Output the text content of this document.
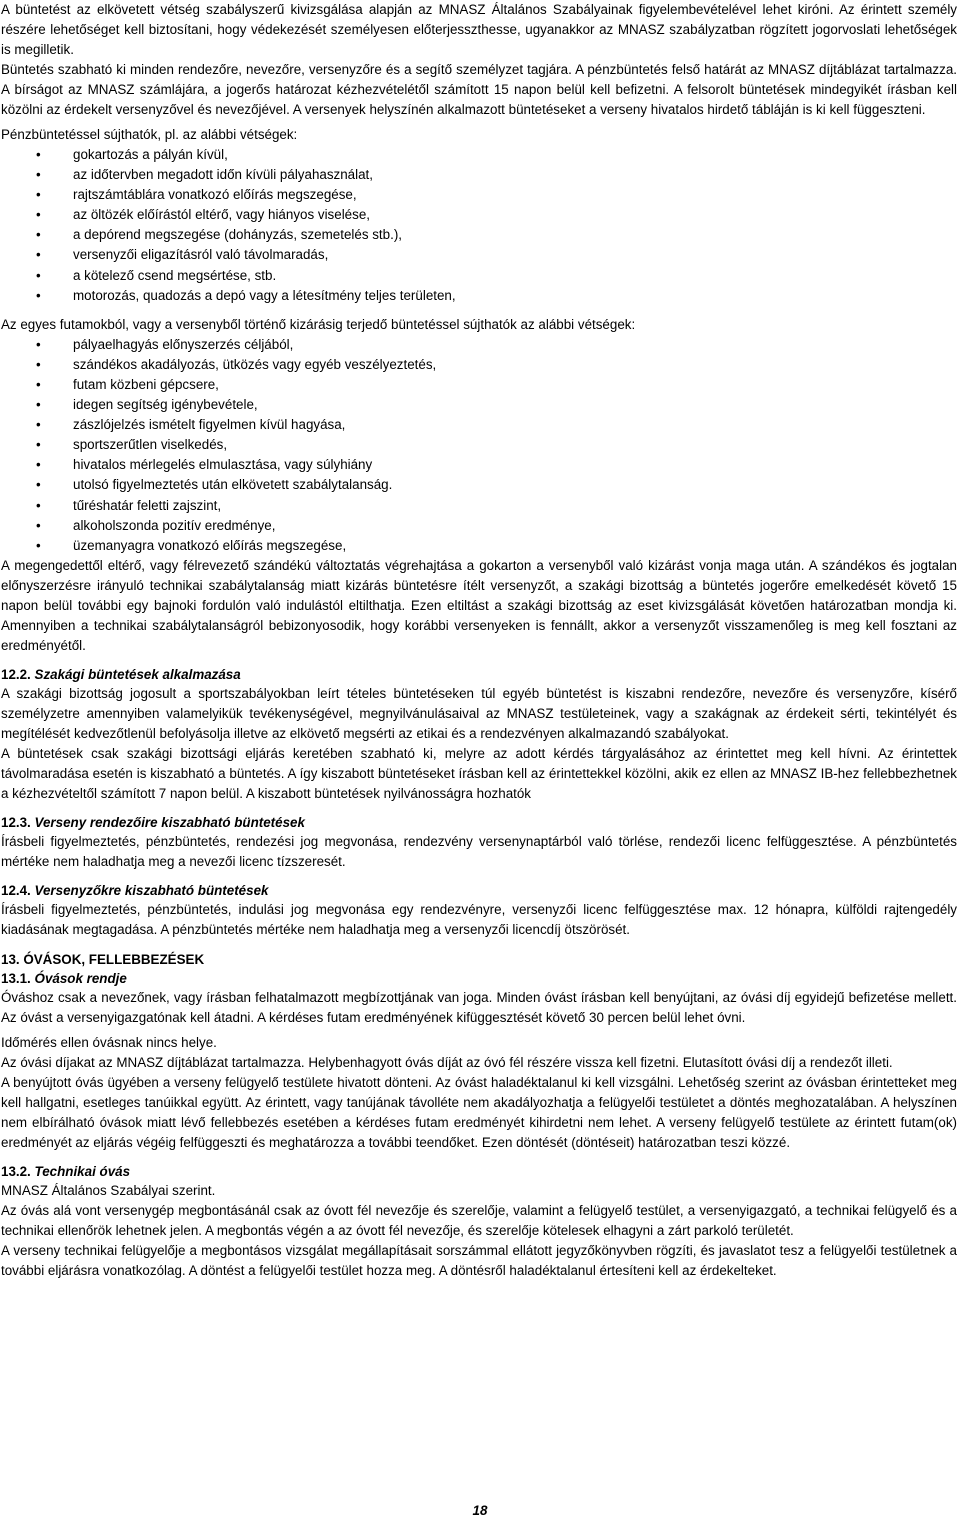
A büntetést az elkövetett vétség szabályszerű kivizsgálása alapján az MNASZ Általános Szabályainak figyelembevételével lehet kiróni. Az érintett személy részére lehetőséget kell biztosítani, hogy védekezését személyesen előterjesszthesse, ugyanakkor az MNASZ szabályzatban rögzített jogorvoslati lehetőségek is megilletik.

Büntetés szabható ki minden rendezőre, nevezőre, versenyzőre és a segítő személyzet tagjára. A pénzbüntetés felső határát az MNASZ díjtáblázat tartalmazza. A bírságot az MNASZ számlájára, a jogerős határozat kézhezvételétől számított 15 napon belül kell befizetni. A felsorolt büntetések mindegyikét írásban kell közölni az érdekelt versenyzővel és nevezőjével. A versenyek helyszínén alkalmazott büntetéseket a verseny hivatalos hirdető tábláján is ki kell függeszteni.

Pénzbüntetéssel sújthatók, pl. az alábbi vétségek:

• gokartozás a pályán kívül,
• az időtervben megadott időn kívüli pályahasználat,
• rajtszámtáblára vonatkozó előírás megszegése,
• az öltözék előírástól eltérő, vagy hiányos viselése,
• a depórend megszegése (dohányzás, szemetelés stb.),
• versenyzői eligazításról való távolmaradás,
• a kötelező csend megsértése, stb.
• motorozás, quadozás a depó vagy a létesítmény teljes területen,

Az egyes futamokból, vagy a versenyből történő kizárásig terjedő büntetéssel sújthatók az alábbi vétségek:

• pályaelhagyás előnyszerzés céljából,
• szándékos akadályozás, ütközés vagy egyéb veszélyeztetés,
• futam közbeni gépcsere,
• idegen segítség igénybevétele,
• zászlójelzés ismételt figyelmen kívül hagyása,
• sportszerűtlen viselkedés,
• hivatalos mérlegelés elmulasztása, vagy súlyhiány
• utolsó figyelmeztetés után elkövetett szabálytalanság.
• tűréshatár feletti zajszint,
• alkoholszonda pozitív eredménye,
• üzemanyagra vonatkozó előírás megszegése,

A megengedettől eltérő, vagy félrevezető szándékú változtatás végrehajtása a gokarton a versenyből való kizárást vonja maga után. A szándékos és jogtalan előnyszerzésre irányuló technikai szabálytalanság miatt kizárás büntetésre ítélt versenyzőt, a szakági bizottság a büntetés jogerőre emelkedését követő 15 napon belül további egy bajnoki fordulón való indulástól eltilthatja. Ezen eltiltást a szakági bizottság az eset kivizsgálását követően határozatban mondja ki. Amennyiben a technikai szabálytalanságról bebizonyosodik, hogy korábbi versenyeken is fennállt, akkor a versenyzőt visszamenőleg is meg kell fosztani az eredményétől.

12.2. Szakági büntetések alkalmazása

A szakági bizottság jogosult a sportszabályokban leírt tételes büntetéseken túl egyéb büntetést is kiszabni rendezőre, nevezőre és versenyzőre, kísérő személyzetre amennyiben valamelyikük tevékenységével, megnyilvánulásaival az MNASZ testületeinek, vagy a szakágnak az érdekeit sérti, tekintélyét és megítélését kedvezőtlenül befolyásolja illetve az elkövető megsérti az etikai és a rendezvényen alkalmazandó szabályokat.

A büntetések csak szakági bizottsági eljárás keretében szabható ki, melyre az adott kérdés tárgyalásához az érintettet meg kell hívni. Az érintettek távolmaradása esetén is kiszabható a büntetés. A így kiszabott büntetéseket írásban kell az érintettekkel közölni, akik ez ellen az MNASZ IB-hez fellebbezhetnek a kézhezvételtől számított 7 napon belül. A kiszabott büntetések nyilvánosságra hozhatók

12.3. Verseny rendezőire kiszabható büntetések

Írásbeli figyelmeztetés, pénzbüntetés, rendezési jog megvonása, rendezvény versenynaptárból való törlése, rendezői licenc felfüggesztése. A pénzbüntetés mértéke nem haladhatja meg a nevezői licenc tízszeresét.

12.4. Versenyzőkre kiszabható büntetések

Írásbeli figyelmeztetés, pénzbüntetés, indulási jog megvonása egy rendezvényre, versenyzői licenc felfüggesztése max. 12 hónapra, külföldi rajtengedély kiadásának megtagadása. A pénzbüntetés mértéke nem haladhatja meg a versenyzői licencdíj ötszörösét.

13. ÓVÁSOK, FELLEBBEZÉSEK
13.1. Óvások rendje

Óváshoz csak a nevezőnek, vagy írásban felhatalmazott megbízottjának van joga. Minden óvást írásban kell benyújtani, az óvási díj egyidejű befizetése mellett. Az óvást a versenyigazgatónak kell átadni. A kérdéses futam eredményének kifüggesztését követő 30 percen belül lehet óvni.

Időmérés ellen óvásnak nincs helye.

Az óvási díjakat az MNASZ díjtáblázat tartalmazza. Helybenhagyott óvás díját az óvó fél részére vissza kell fizetni. Elutasított óvási díj a rendezőt illeti.

A benyújtott óvás ügyében a verseny felügyelő testülete hivatott dönteni. Az óvást haladéktalanul ki kell vizsgálni. Lehetőség szerint az óvásban érintetteket meg kell hallgatni, esetleges tanúikkal együtt. Az érintett, vagy tanújának távolléte nem akadályozhatja a felügyelői testületet a döntés meghozatalában. A helyszínen nem elbírálható óvások miatt lévő fellebbezés esetében a kérdéses futam eredményét kihirdetni nem lehet. A verseny felügyelő testülete az érintett futam(ok) eredményét az eljárás végéig felfüggeszti és meghatározza a további teendőket. Ezen döntését (döntéseit) határozatban teszi közzé.

13.2. Technikai óvás

MNASZ Általános Szabályai szerint.

Az óvás alá vont versenygép megbontásánál csak az óvott fél nevezője és szerelője, valamint a felügyelő testület, a versenyigazgató, a technikai felügyelő és a technikai ellenőrök lehetnek jelen. A megbontás végén a az óvott fél nevezője, és szerelője kötelesek elhagyni a zárt parkoló területét.

A verseny technikai felügyelője a megbontásos vizsgálat megállapításait sorszámmal ellátott jegyzőkönyvben rögzíti, és javaslatot tesz a felügyelői testületnek a további eljárásra vonatkozólag. A döntést a felügyelői testület hozza meg. A döntésről haladéktalanul értesíteni kell az érdekelteket.

18
